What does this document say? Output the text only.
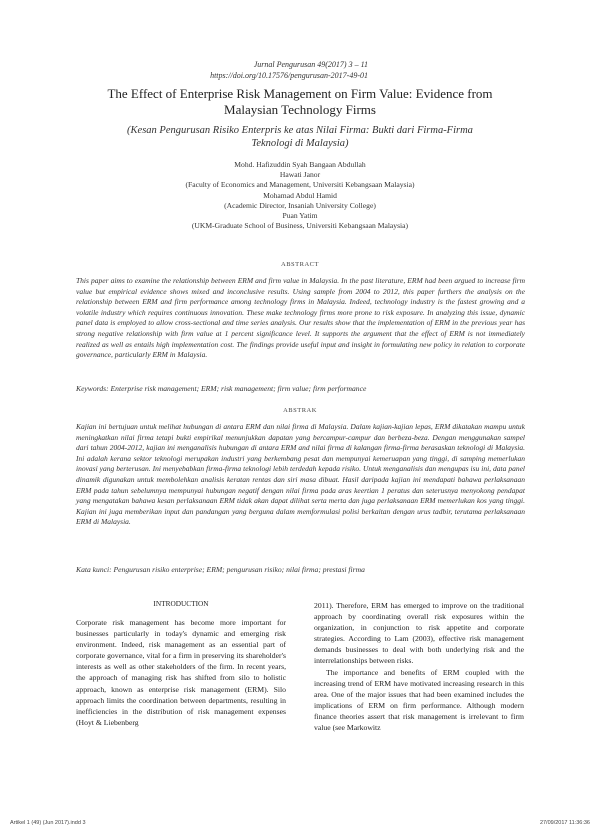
Jurnal Pengurusan 49(2017) 3 – 11
https://doi.org/10.17576/pengurusan-2017-49-01
The Effect of Enterprise Risk Management on Firm Value: Evidence from Malaysian Technology Firms
(Kesan Pengurusan Risiko Enterpris ke atas Nilai Firma: Bukti dari Firma-Firma Teknologi di Malaysia)
Mohd. Hafizuddin Syah Bangaan Abdullah
Hawati Janor
(Faculty of Economics and Management, Universiti Kebangsaan Malaysia)
Mohamad Abdul Hamid
(Academic Director, Insaniah University College)
Puan Yatim
(UKM-Graduate School of Business, Universiti Kebangsaan Malaysia)
ABSTRACT
This paper aims to examine the relationship between ERM and firm value in Malaysia. In the past literature, ERM had been argued to increase firm value but empirical evidence shows mixed and inconclusive results. Using sample from 2004 to 2012, this paper furthers the analysis on the relationship between ERM and firm performance among technology firms in Malaysia. Indeed, technology industry is the fastest growing and a volatile industry which requires continuous innovation. These make technology firms more prone to risk exposure. In analyzing this issue, dynamic panel data is employed to allow cross-sectional and time series analysis. Our results show that the implementation of ERM in the previous year has strong negative relationship with firm value at 1 percent significance level. It supports the argument that the effect of ERM is not immediately realized as well as entails high implementation cost. The findings provide useful input and insight in formulating new policy in relation to corporate governance, particularly ERM in Malaysia.
Keywords: Enterprise risk management; ERM; risk management; firm value; firm performance
ABSTRAK
Kajian ini bertujuan untuk melihat hubungan di antara ERM dan nilai firma di Malaysia. Dalam kajian-kajian lepas, ERM dikatakan mampu untuk meningkatkan nilai firma tetapi bukti empirikal menunjukkan dapatan yang bercampur-campur dan berbeza-beza. Dengan menggunakan sampel dari tahun 2004-2012, kajian ini menganalisis hubungan di antara ERM and nilai firma di kalangan firma-firma berasaskan teknologi di Malaysia. Ini adalah kerana sektor teknologi merupakan industri yang berkembang pesat dan mempunyai kemeruapan yang tinggi, di samping memerlukan inovasi yang berterusan. Ini menyebabkan firma-firma teknologi lebih terdedah kepada risiko. Untuk menganalisis dan mengupas isu ini, data panel dinamik digunakan untuk membolehkan analisis keratan rentas dan siri masa dibuat. Hasil daripada kajian ini mendapati bahawa perlaksanaan ERM pada tahun sebelumnya mempunyai hubungan negatif dengan nilai firma pada aras keertian 1 peratus dan seterusnya menyokong pendapat yang mengatakan bahawa kesan perlaksanaan ERM tidak akan dapat dilihat serta merta dan juga perlaksanaan ERM memerlukan kos yang tinggi. Kajian ini juga memberikan input dan pandangan yang berguna dalam memformulasi polisi berkaitan dengan urus tadbir, terutama perlaksanaan ERM di Malaysia.
Kata kunci: Pengurusan risiko enterprise; ERM; pengurusan risiko; nilai firma; prestasi firma
INTRODUCTION

Corporate risk management has become more important for businesses particularly in today's dynamic and emerging risk environment. Indeed, risk management as an essential part of corporate governance, vital for a firm in preserving its shareholder's interests as well as other stakeholders of the firm. In recent years, the approach of managing risk has shifted from silo to holistic approach, known as enterprise risk management (ERM). Silo approach limits the coordination between departments, resulting in inefficiencies in the distribution of risk management expenses (Hoyt & Liebenberg

2011). Therefore, ERM has emerged to improve on the traditional approach by coordinating overall risk exposures within the organization, in conjunction to risk appetite and corporate strategies. According to Lam (2003), effective risk management demands businesses to deal with both underlying risk and the interrelationships between risks.

The importance and benefits of ERM coupled with the increasing trend of ERM have motivated increasing research in this area. One of the major issues that had been examined includes the implications of ERM on firm performance. Although modern finance theories assert that risk management is irrelevant to firm value (see Markowitz

Artikel 1 (49) (Jun 2017).indd 3	27/09/2017 11:36:36
